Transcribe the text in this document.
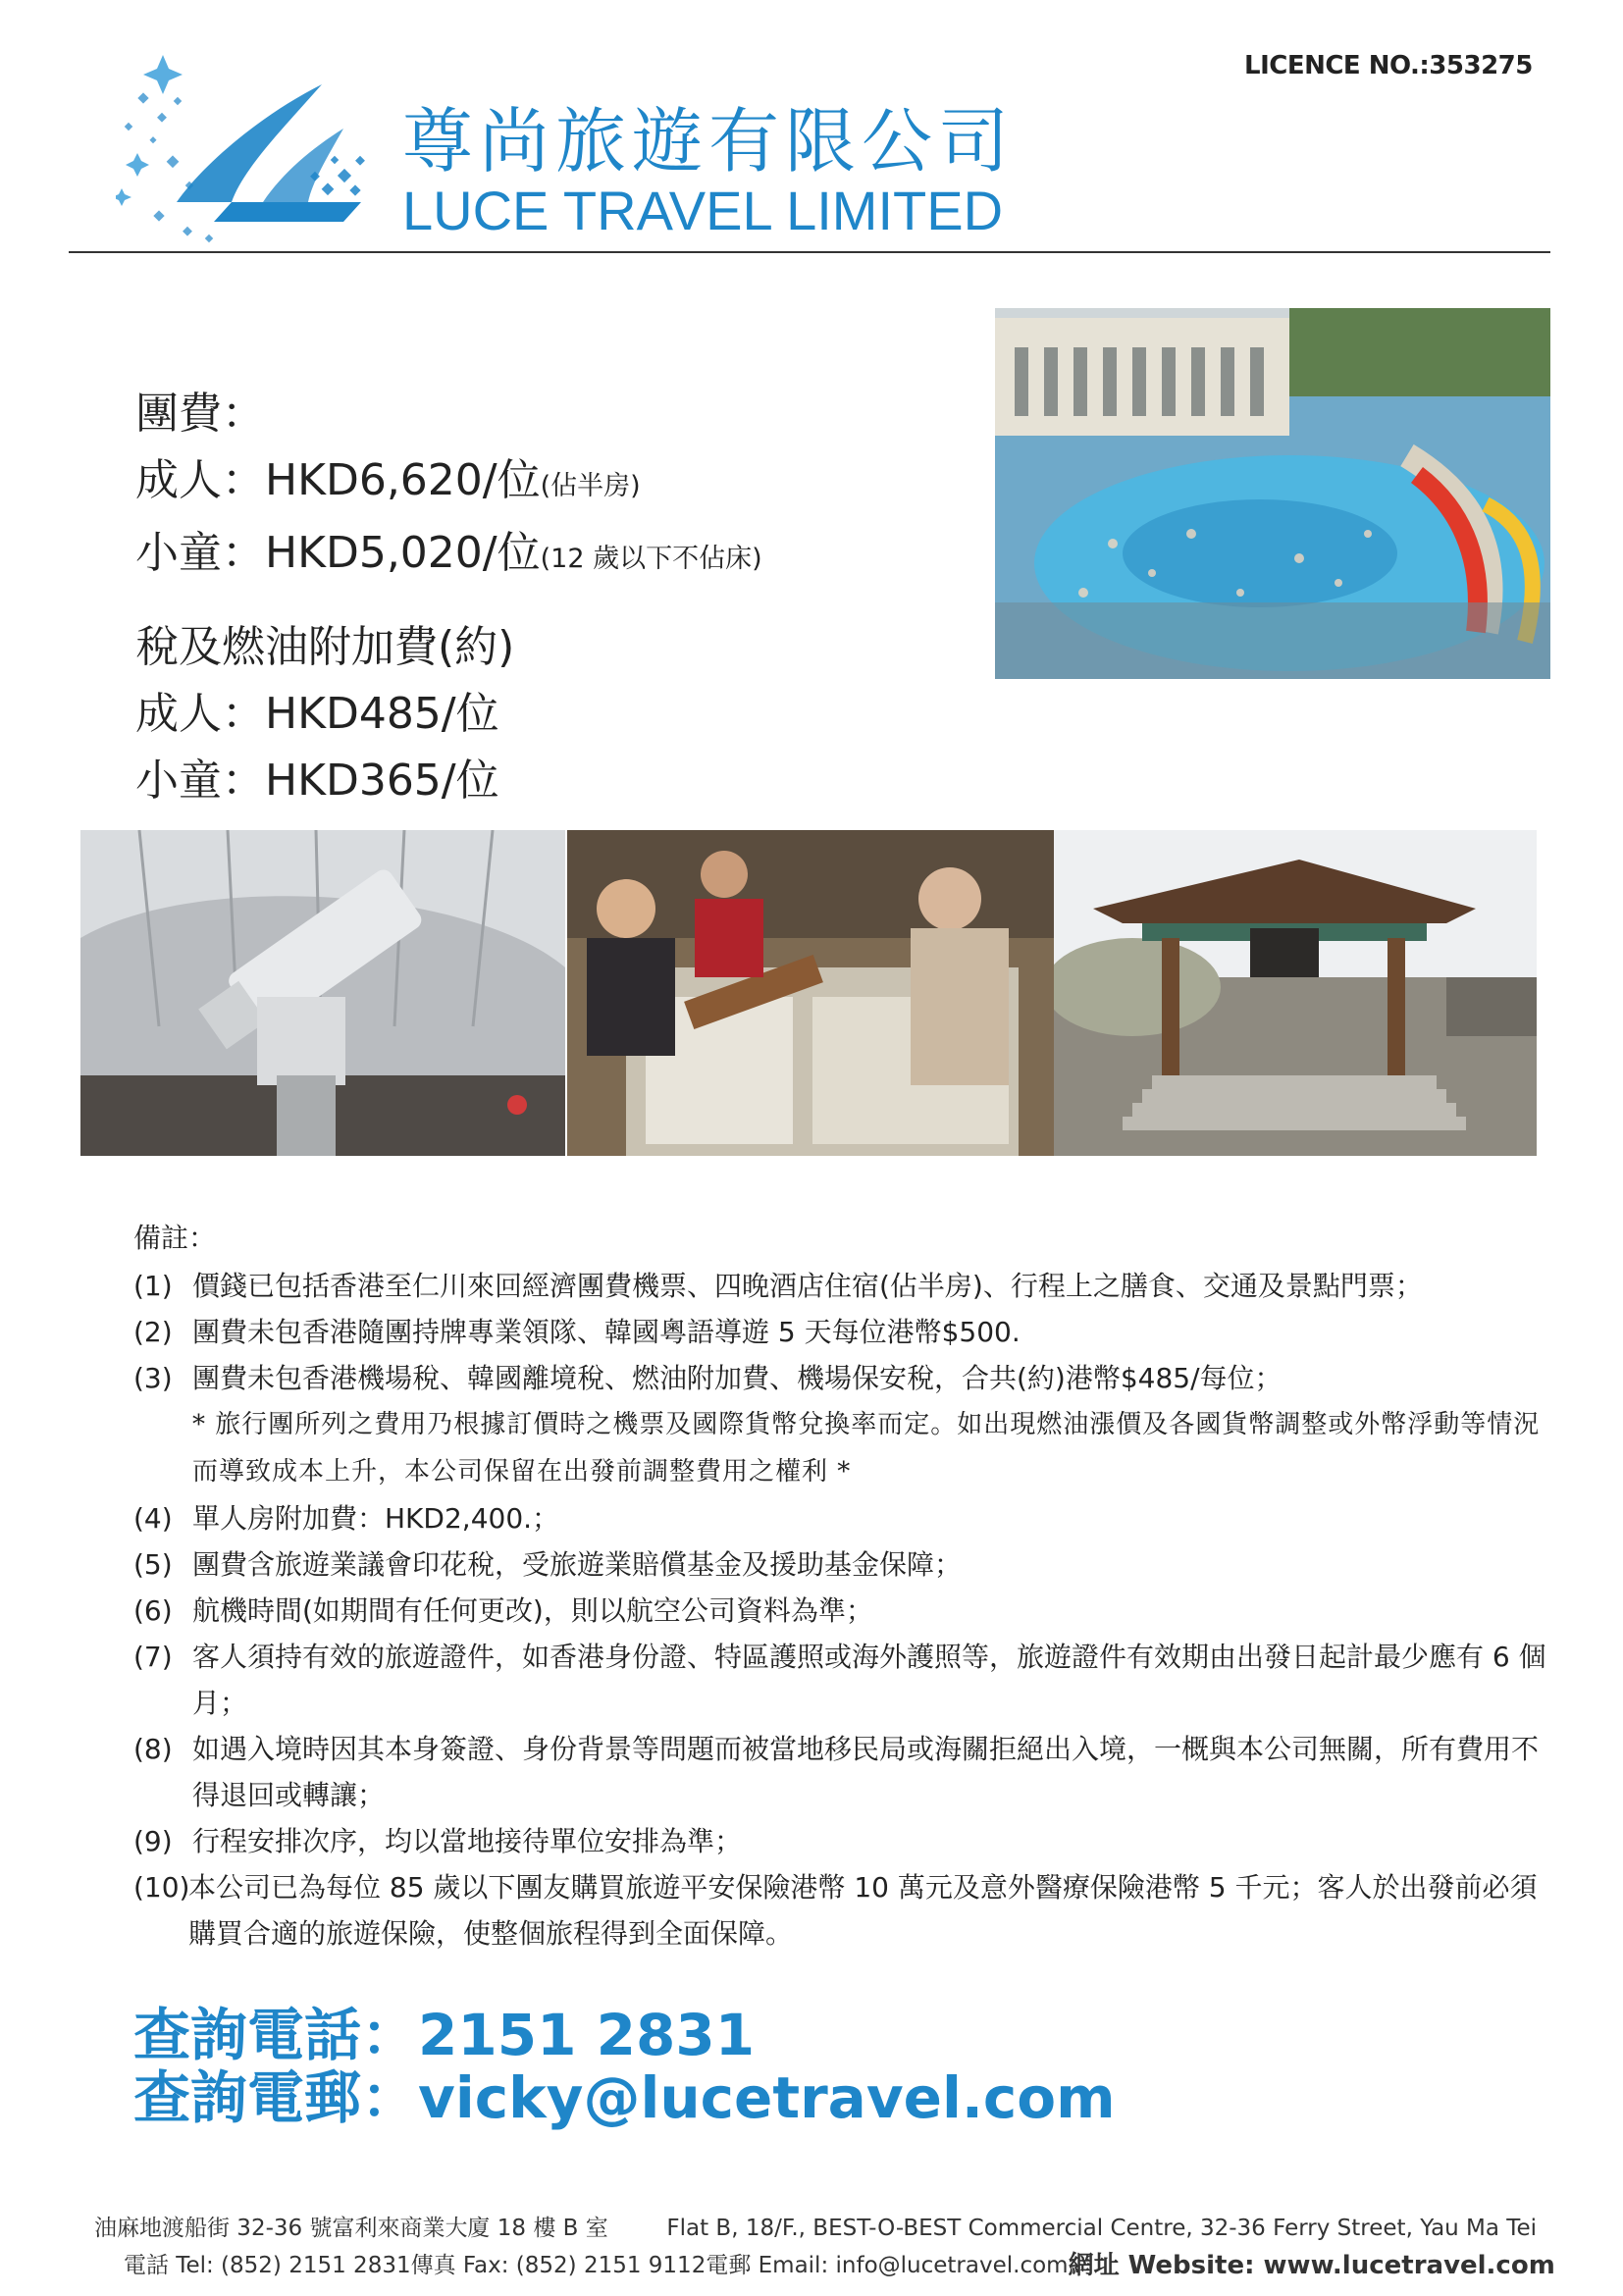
LICENCE NO.:353275
尊尚旅遊有限公司
LUCE TRAVEL LIMITED
團費：
成人：HKD6,620/位(佔半房)
小童：HKD5,020/位(12 歲以下不佔床)
稅及燃油附加費(約)
成人：HKD485/位
小童：HKD365/位
備註：
(1) 價錢已包括香港至仁川來回經濟團費機票、四晚酒店住宿(佔半房)、行程上之膳食、交通及景點門票；
(2) 團費未包香港隨團持牌專業領隊、韓國粵語導遊 5 天每位港幣$500.
(3) 團費未包香港機場稅、韓國離境稅、燃油附加費、機場保安稅，合共(約)港幣$485/每位；
* 旅行團所列之費用乃根據訂價時之機票及國際貨幣兌換率而定。如出現燃油漲價及各國貨幣調整或外幣浮動等情況而導致成本上升，本公司保留在出發前調整費用之權利 *
(4) 單人房附加費：HKD2,400.；
(5) 團費含旅遊業議會印花稅，受旅遊業賠償基金及援助基金保障；
(6) 航機時間(如期間有任何更改)，則以航空公司資料為準；
(7) 客人須持有效的旅遊證件，如香港身份證、特區護照或海外護照等，旅遊證件有效期由出發日起計最少應有 6 個月；
(8) 如遇入境時因其本身簽證、身份背景等問題而被當地移民局或海關拒絕出入境，一概與本公司無關，所有費用不得退回或轉讓；
(9) 行程安排次序，均以當地接待單位安排為準；
(10)
本公司已為每位 85 歲以下團友購買旅遊平安保險港幣 10 萬元及意外醫療保險港幣 5 千元；客人於出發前必須購買合適的旅遊保險，使整個旅程得到全面保障。
查詢電話：2151 2831
查詢電郵：vicky@lucetravel.com
油麻地渡船街 32-36 號富利來商業大廈 18 樓 B 室	Flat B, 18/F., BEST-O-BEST Commercial Centre, 32-36 Ferry Street, Yau Ma Tei
電話 Tel: (852) 2151 2831 傳真 Fax: (852) 2151 9112 電郵 Email: info@lucetravel.com 網址 Website: www.lucetravel.com
